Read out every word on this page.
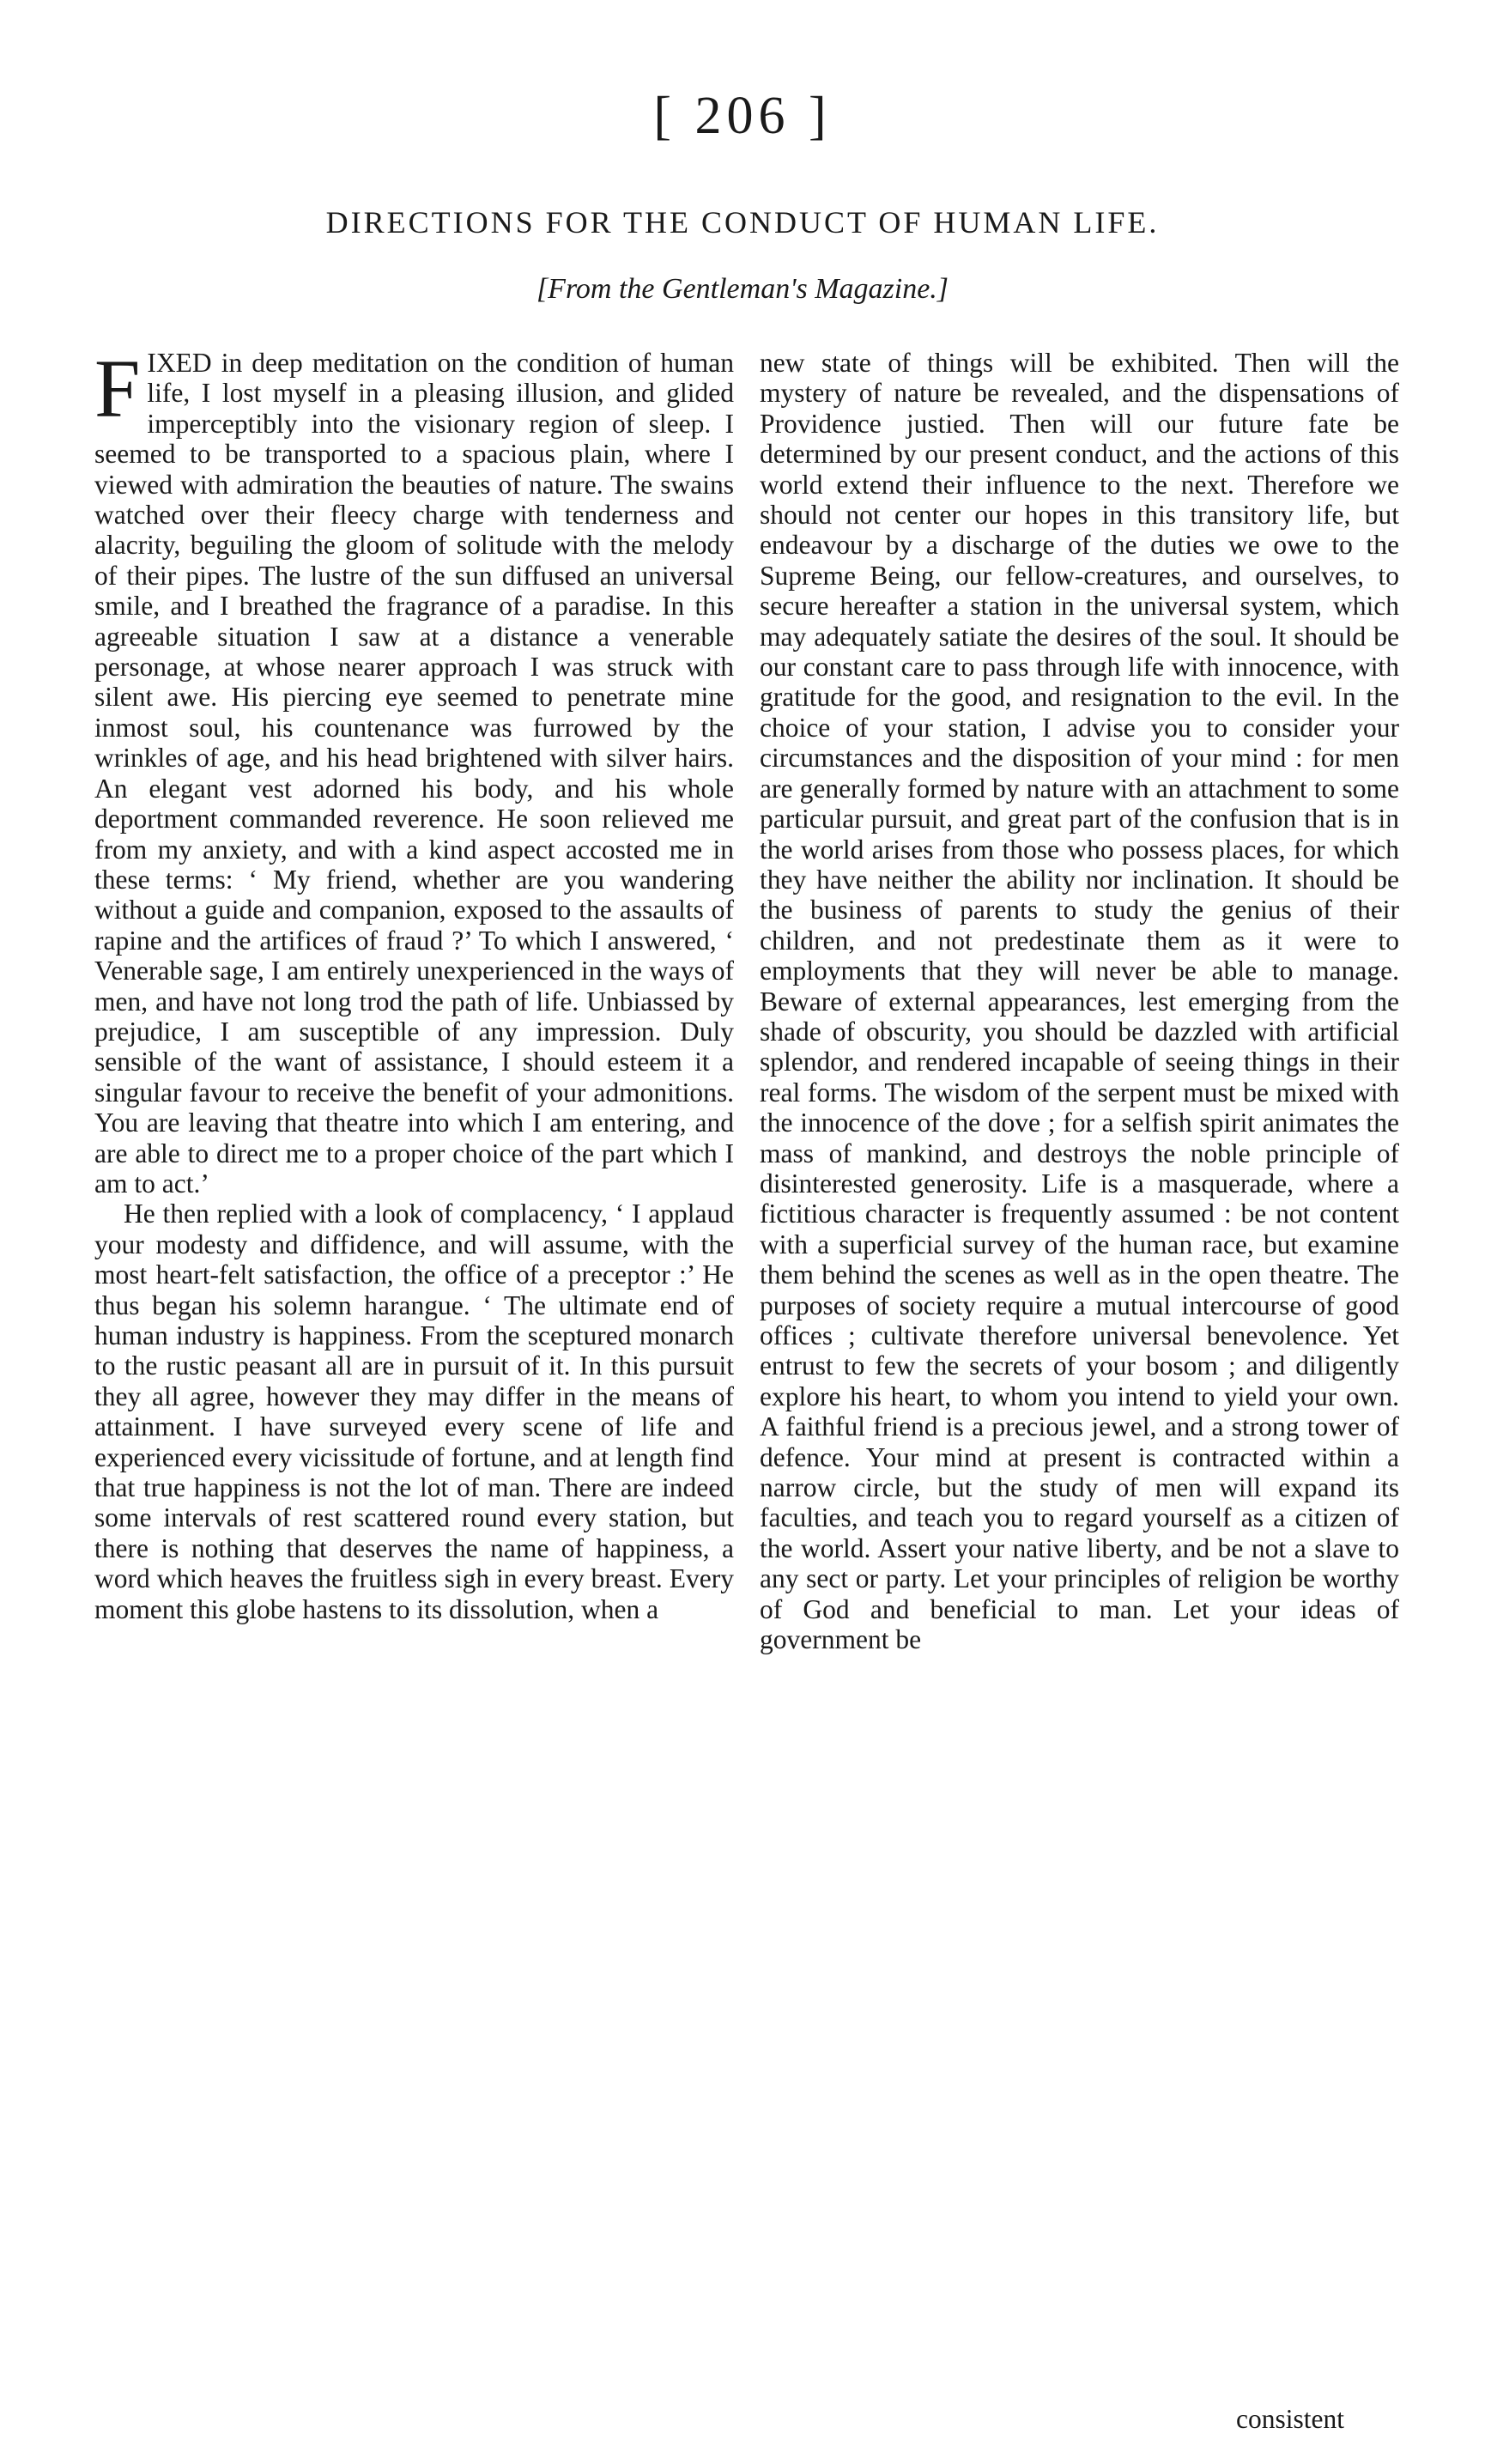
[ 206 ]
DIRECTIONS FOR THE CONDUCT OF HUMAN LIFE.
[From the Gentleman's Magazine.]

FIXED in deep meditation on the condition of human life, I lost myself in a pleasing illusion, and glided imperceptibly into the visionary region of sleep. I seemed to be transported to a spacious plain, where I viewed with admiration the beauties of nature. The swains watched over their fleecy charge with tenderness and alacrity, beguiling the gloom of solitude with the melody of their pipes. The lustre of the sun diffused an universal smile, and I breathed the fragrance of a paradise. In this agreeable situation I saw at a distance a venerable personage, at whose nearer approach I was struck with silent awe. His piercing eye seemed to penetrate mine inmost soul, his countenance was furrowed by the wrinkles of age, and his head brightened with silver hairs. An elegant vest adorned his body, and his whole deportment commanded reverence. He soon relieved me from my anxiety, and with a kind aspect accosted me in these terms: ‘ My friend, whether are you wandering without a guide and companion, exposed to the assaults of rapine and the artifices of fraud ?’ To which I answered, ‘ Venerable sage, I am entirely unexperienced in the ways of men, and have not long trod the path of life. Unbiassed by prejudice, I am susceptible of any impression. Duly sensible of the want of assistance, I should esteem it a singular favour to receive the benefit of your admonitions. You are leaving that theatre into which I am entering, and are able to direct me to a proper choice of the part which I am to act.’

He then replied with a look of complacency, ‘ I applaud your modesty and diffidence, and will assume, with the most heart-felt satisfaction, the office of a preceptor :’ He thus began his solemn harangue. ‘ The ultimate end of human industry is happiness. From the sceptured monarch to the rustic peasant all are in pursuit of it. In this pursuit they all agree, however they may differ in the means of attainment. I have surveyed every scene of life and experienced every vicissitude of fortune, and at length find that true happiness is not the lot of man. There are indeed some intervals of rest scattered round every station, but there is nothing that deserves the name of happiness, a word which heaves the fruitless sigh in every breast. Every moment this globe hastens to its dissolution, when a

new state of things will be exhibited. Then will the mystery of nature be revealed, and the dispensations of Providence justied. Then will our future fate be determined by our present conduct, and the actions of this world extend their influence to the next. Therefore we should not center our hopes in this transitory life, but endeavour by a discharge of the duties we owe to the Supreme Being, our fellow-creatures, and ourselves, to secure hereafter a station in the universal system, which may adequately satiate the desires of the soul. It should be our constant care to pass through life with innocence, with gratitude for the good, and resignation to the evil. In the choice of your station, I advise you to consider your circumstances and the disposition of your mind : for men are generally formed by nature with an attachment to some particular pursuit, and great part of the confusion that is in the world arises from those who possess places, for which they have neither the ability nor inclination. It should be the business of parents to study the genius of their children, and not predestinate them as it were to employments that they will never be able to manage. Beware of external appearances, lest emerging from the shade of obscurity, you should be dazzled with artificial splendor, and rendered incapable of seeing things in their real forms. The wisdom of the serpent must be mixed with the innocence of the dove ; for a selfish spirit animates the mass of mankind, and destroys the noble principle of disinterested generosity. Life is a masquerade, where a fictitious character is frequently assumed : be not content with a superficial survey of the human race, but examine them behind the scenes as well as in the open theatre. The purposes of society require a mutual intercourse of good offices ; cultivate therefore universal benevolence. Yet entrust to few the secrets of your bosom ; and diligently explore his heart, to whom you intend to yield your own. A faithful friend is a precious jewel, and a strong tower of defence. Your mind at present is contracted within a narrow circle, but the study of men will expand its faculties, and teach you to regard yourself as a citizen of the world. Assert your native liberty, and be not a slave to any sect or party. Let your principles of religion be worthy of God and beneficial to man. Let your ideas of government be

consistent
